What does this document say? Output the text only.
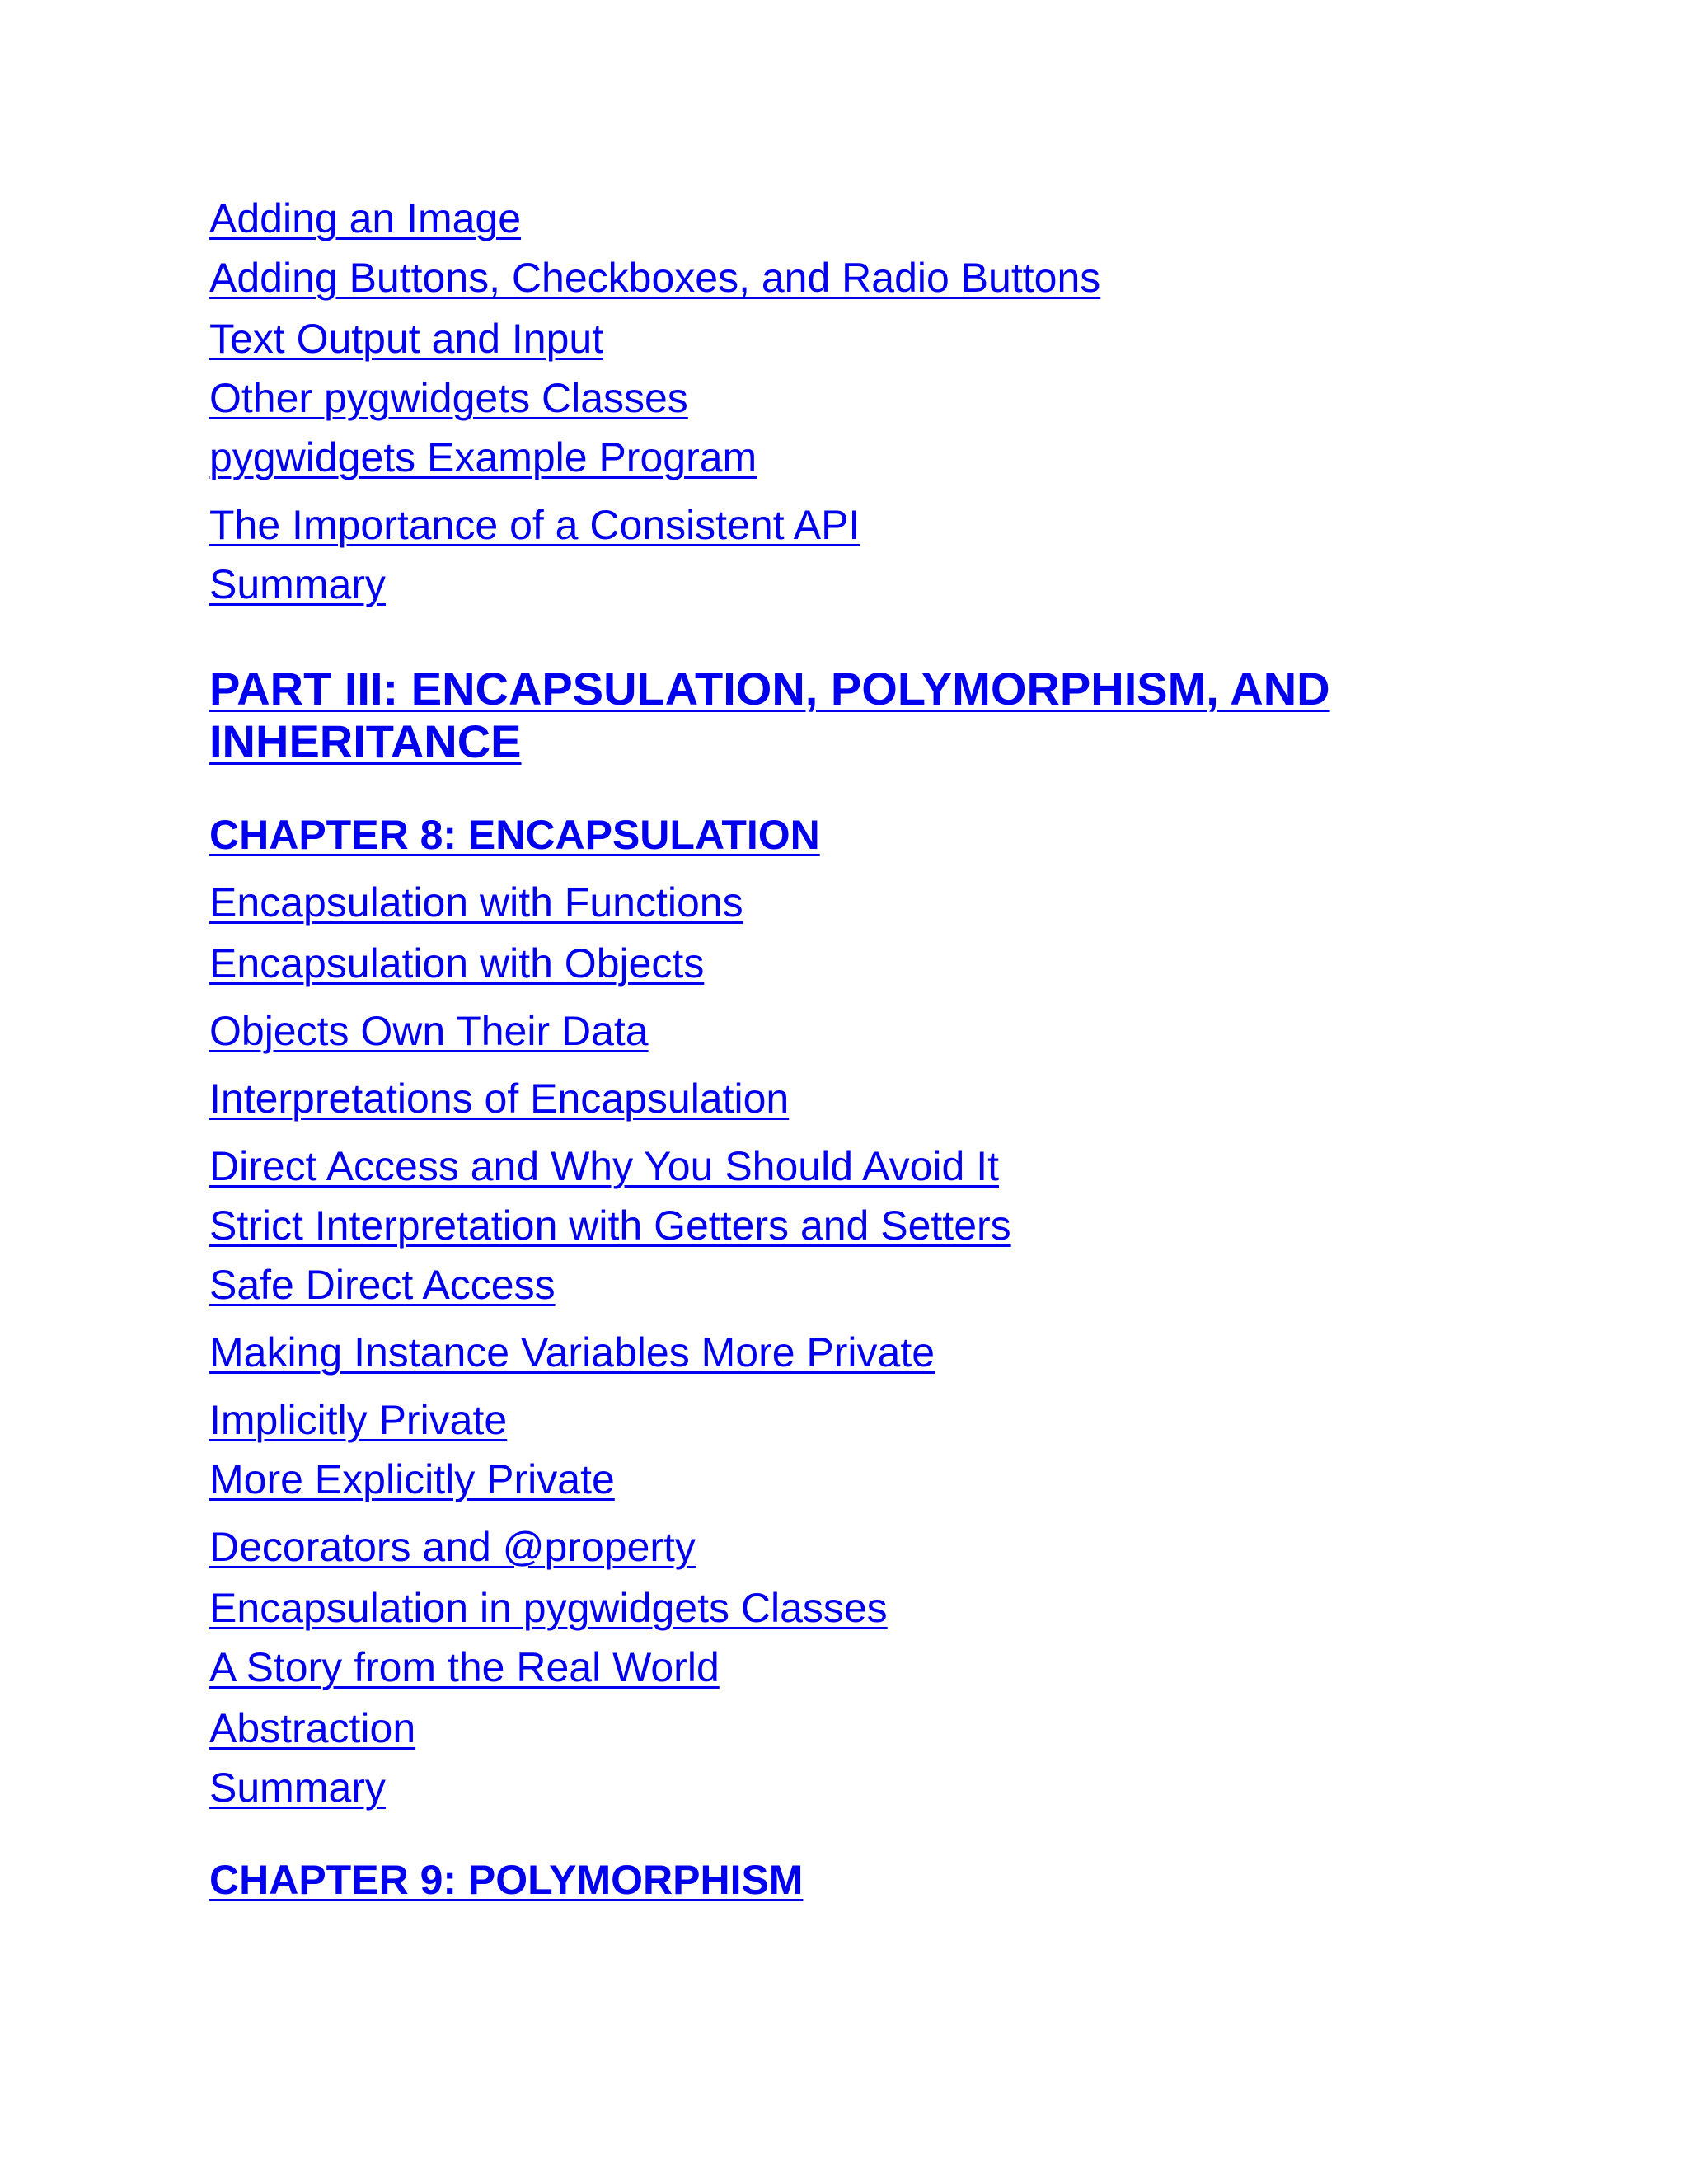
Adding an Image
Adding Buttons, Checkboxes, and Radio Buttons
Text Output and Input
Other pygwidgets Classes
pygwidgets Example Program
The Importance of a Consistent API
Summary
PART III: ENCAPSULATION, POLYMORPHISM, AND INHERITANCE
CHAPTER 8: ENCAPSULATION
Encapsulation with Functions
Encapsulation with Objects
Objects Own Their Data
Interpretations of Encapsulation
Direct Access and Why You Should Avoid It
Strict Interpretation with Getters and Setters
Safe Direct Access
Making Instance Variables More Private
Implicitly Private
More Explicitly Private
Decorators and @property
Encapsulation in pygwidgets Classes
A Story from the Real World
Abstraction
Summary
CHAPTER 9: POLYMORPHISM
